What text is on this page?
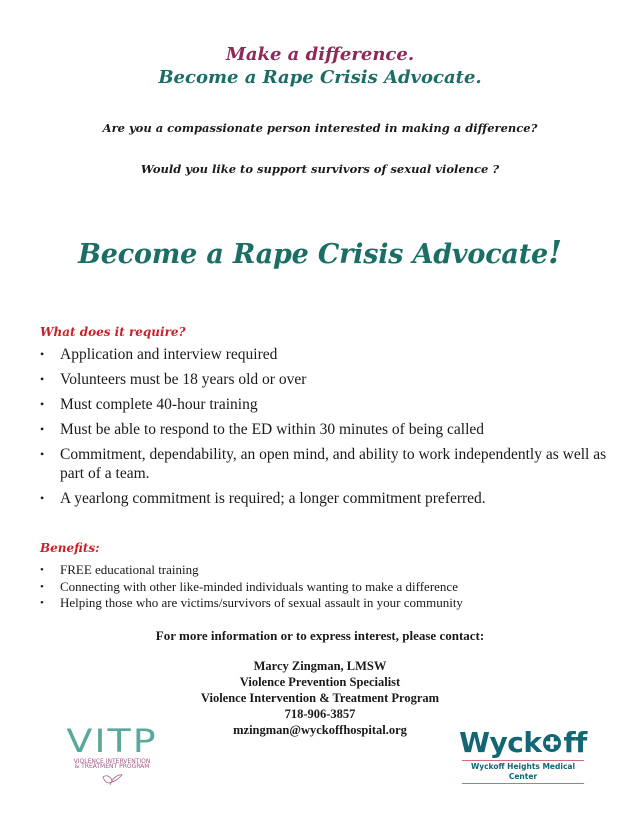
Make a difference.
Become a Rape Crisis Advocate.
Are you a compassionate person interested in making a difference?
Would you like to support survivors of sexual violence ?
Become a Rape Crisis Advocate!
What does it require?
• Application and interview required
• Volunteers must be 18 years old or over
• Must complete 40-hour training
• Must be able to respond to the ED within 30 minutes of being called
• Commitment, dependability, an open mind, and ability to work independently as well as part of a team.
• A yearlong commitment is required; a longer commitment preferred.
Benefits:
• FREE educational training
• Connecting with other like-minded individuals wanting to make a difference
• Helping those who are victims/survivors of sexual assault in your community
For more information or to express interest, please contact:
Marcy Zingman, LMSW
Violence Prevention Specialist
Violence Intervention & Treatment Program
718-906-3857
mzingman@wyckoffhospital.org
VITP
VIOLENCE INTERVENTION
& TREATMENT PROGRAM
Wyck ff
Wyckoff Heights Medical Center
